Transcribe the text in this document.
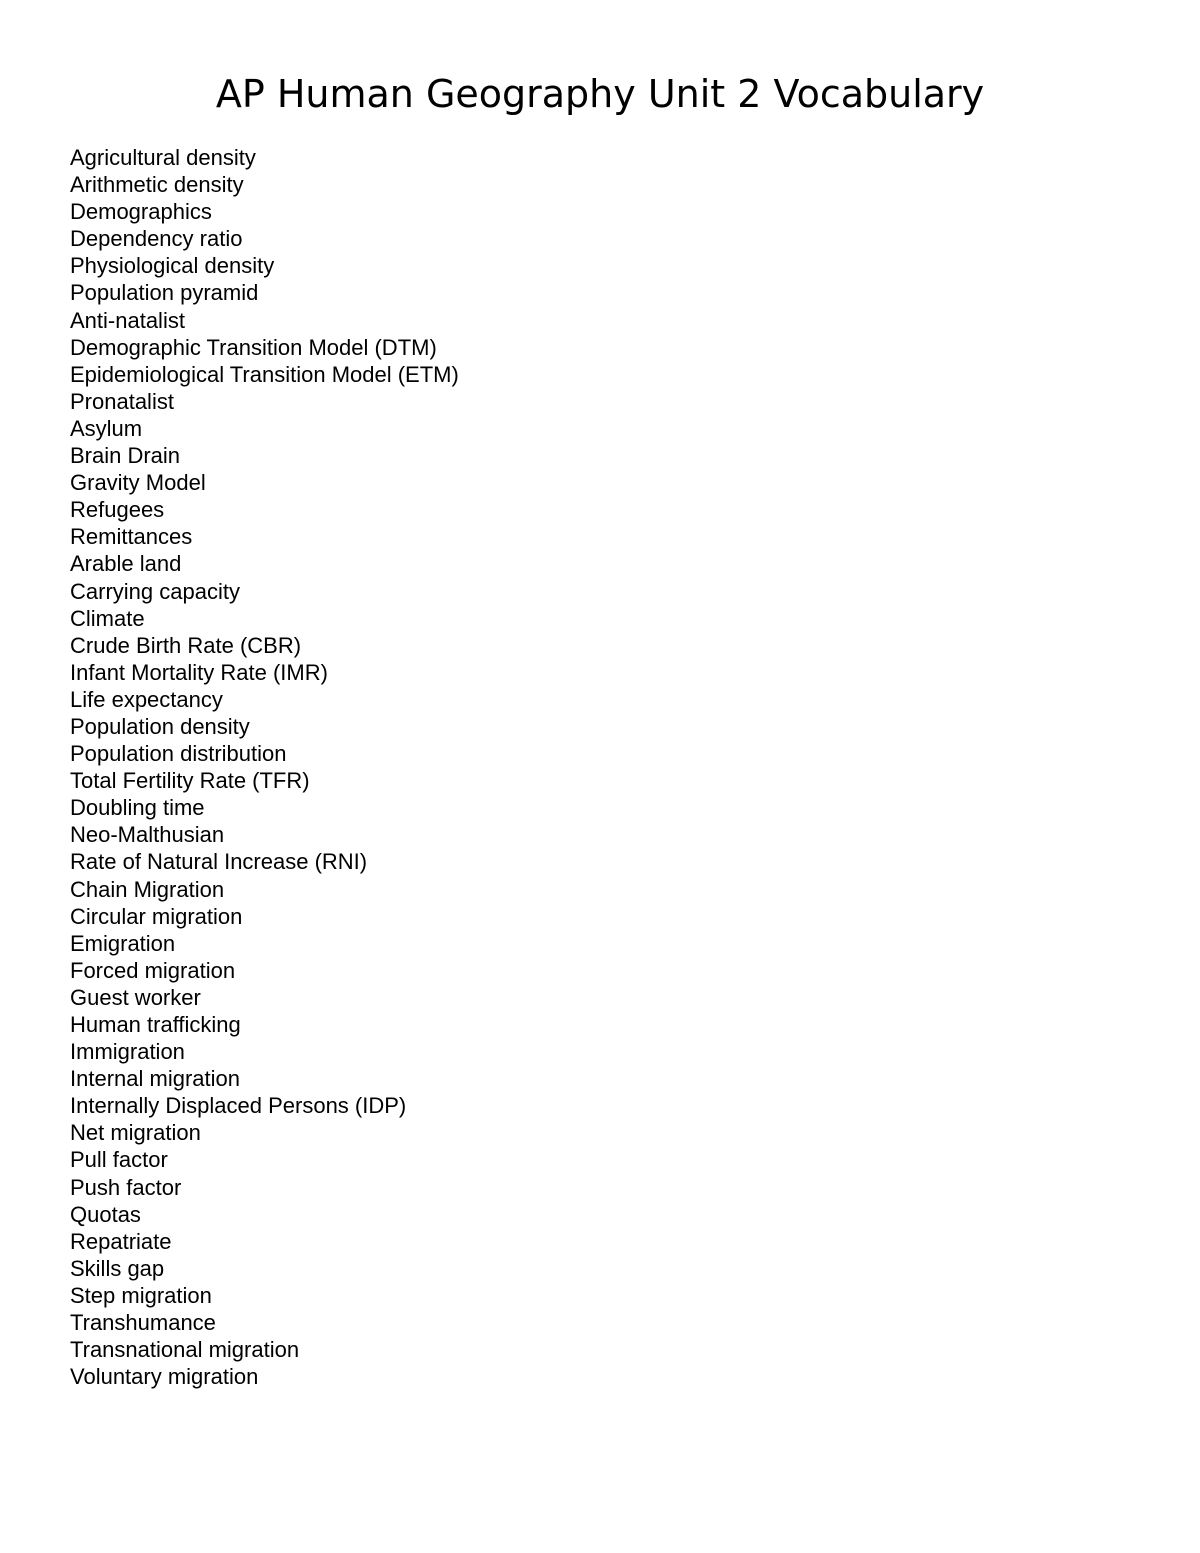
AP Human Geography Unit 2 Vocabulary
Agricultural density
Arithmetic density
Demographics
Dependency ratio
Physiological density
Population pyramid
Anti-natalist
Demographic Transition Model (DTM)
Epidemiological Transition Model (ETM)
Pronatalist
Asylum
Brain Drain
Gravity Model
Refugees
Remittances
Arable land
Carrying capacity
Climate
Crude Birth Rate (CBR)
Infant Mortality Rate (IMR)
Life expectancy
Population density
Population distribution
Total Fertility Rate (TFR)
Doubling time
Neo-Malthusian
Rate of Natural Increase (RNI)
Chain Migration
Circular migration
Emigration
Forced migration
Guest worker
Human trafficking
Immigration
Internal migration
Internally Displaced Persons (IDP)
Net migration
Pull factor
Push factor
Quotas
Repatriate
Skills gap
Step migration
Transhumance
Transnational migration
Voluntary migration
